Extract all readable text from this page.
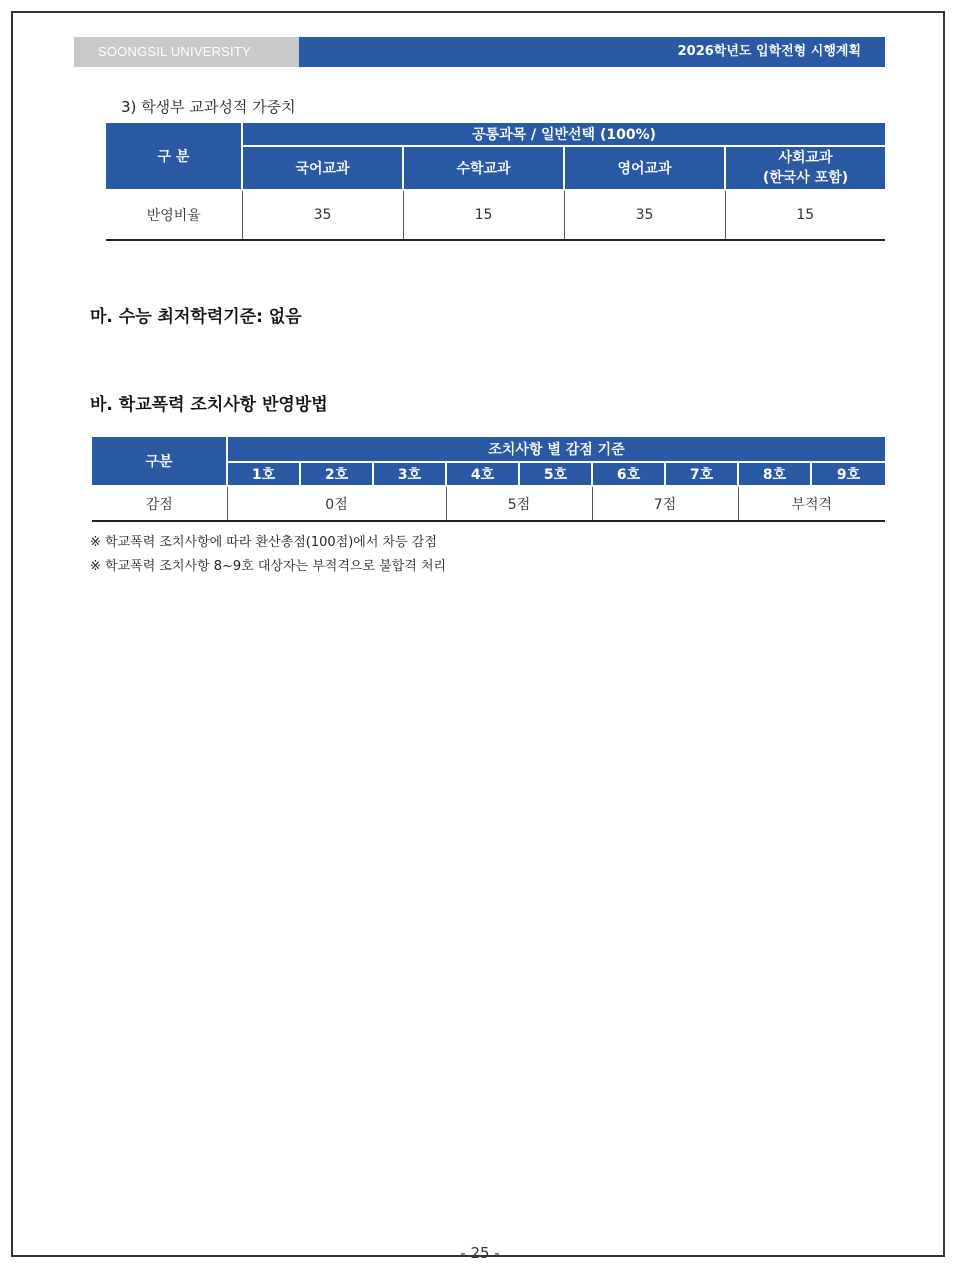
SOONGSIL UNIVERSITY	2026학년도 입학전형 시행계획
3) 학생부 교과성적 가중치
구 분	공통과목 / 일반선택 (100%)			
	국어교과	수학교과	영어교과	사회교과
(한국사 포함)
반영비율	35	15	35	15
마. 수능 최저학력기준: 없음
바. 학교폭력 조치사항 반영방법
구분	조치사항 별 감점 기준								
	1호	2호	3호	4호	5호	6호	7호	8호	9호
감점	0점			5점		7점		부적격	
※ 학교폭력 조치사항에 따라 환산총점(100점)에서 차등 감점
※ 학교폭력 조치사항 8~9호 대상자는 부적격으로 불합격 처리
- 25 -
